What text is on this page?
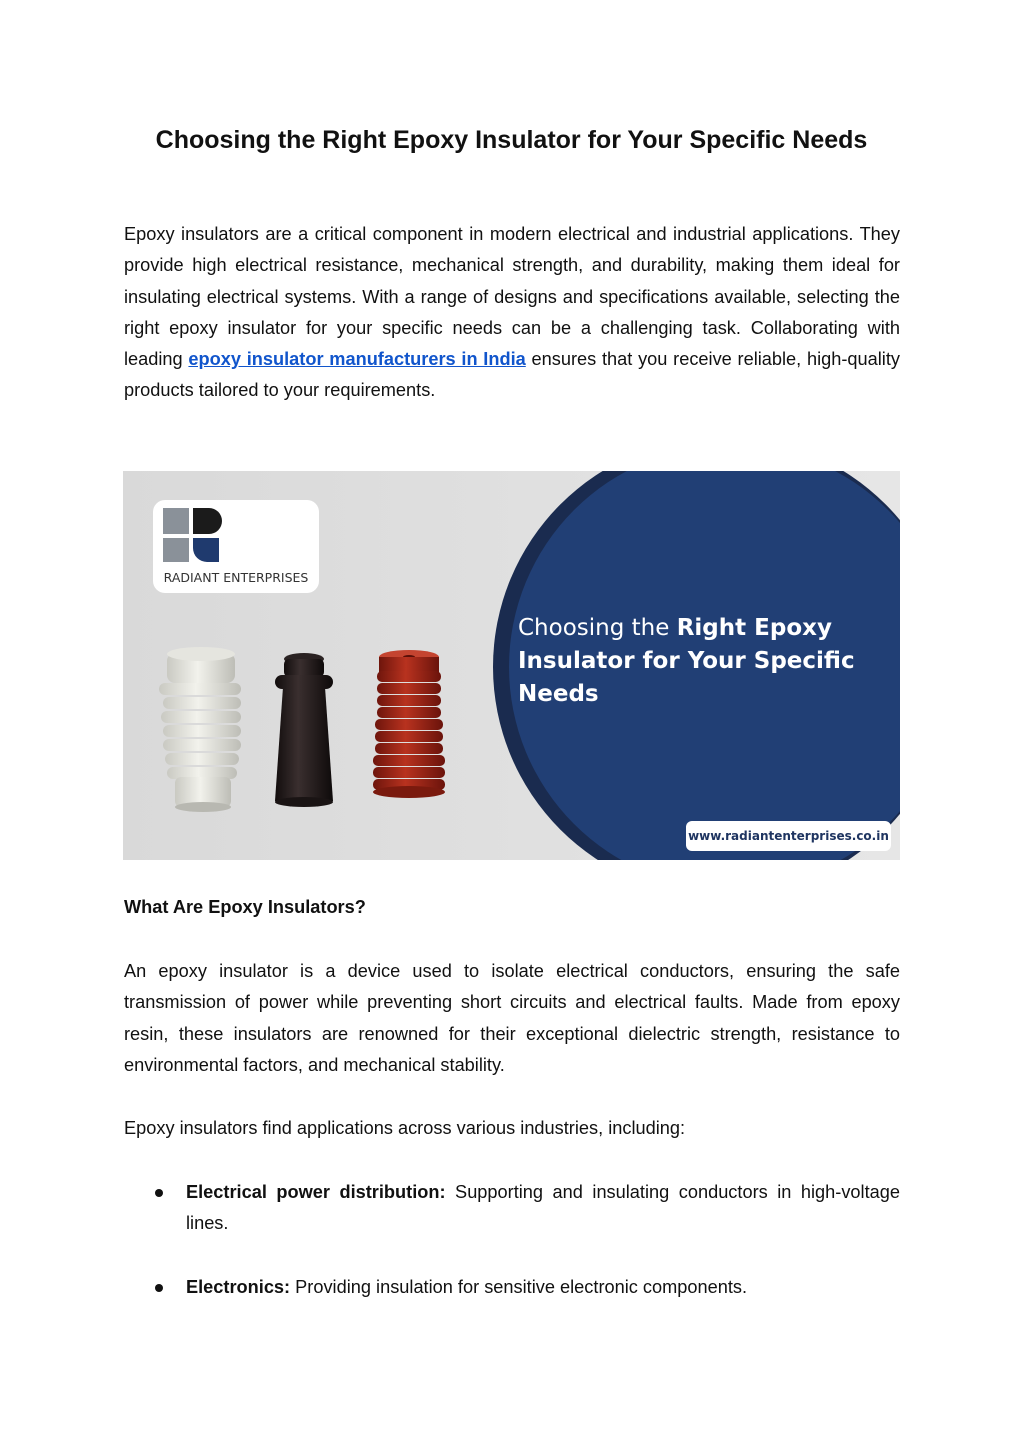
Choosing the Right Epoxy Insulator for Your Specific Needs
Epoxy insulators are a critical component in modern electrical and industrial applications. They provide high electrical resistance, mechanical strength, and durability, making them ideal for insulating electrical systems. With a range of designs and specifications available, selecting the right epoxy insulator for your specific needs can be a challenging task. Collaborating with leading epoxy insulator manufacturers in India ensures that you receive reliable, high-quality products tailored to your requirements.
RADIANT ENTERPRISES
Choosing the Right Epoxy
Insulator for Your Specific
Needs
www.radiantenterprises.co.in
What Are Epoxy Insulators?
An epoxy insulator is a device used to isolate electrical conductors, ensuring the safe transmission of power while preventing short circuits and electrical faults. Made from epoxy resin, these insulators are renowned for their exceptional dielectric strength, resistance to environmental factors, and mechanical stability.
Epoxy insulators find applications across various industries, including:
Electrical power distribution: Supporting and insulating conductors in high-voltage lines.
Electronics: Providing insulation for sensitive electronic components.
